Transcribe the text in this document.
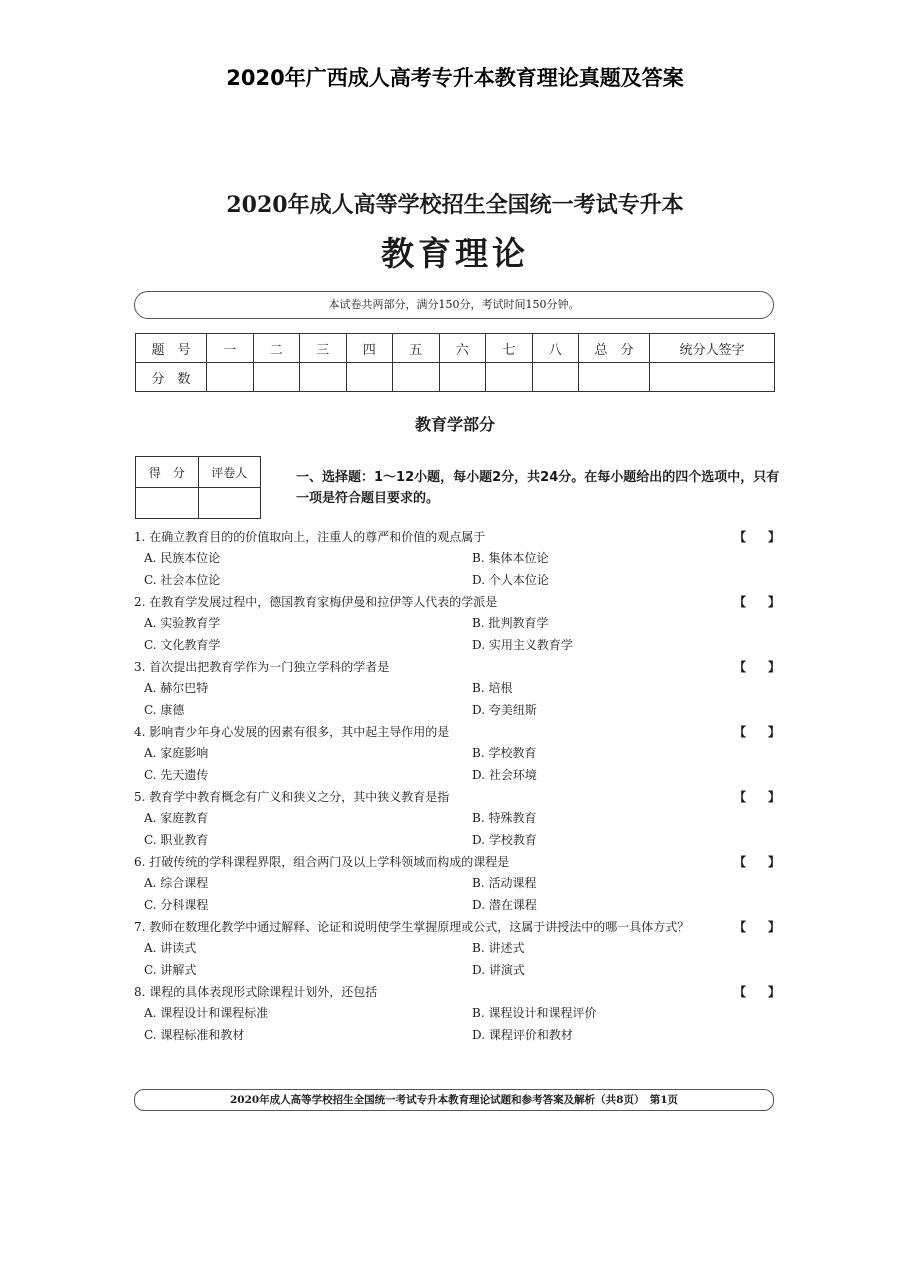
2020年广西成人高考专升本教育理论真题及答案
2020年成人高等学校招生全国统一考试专升本
教育理论
本试卷共两部分，满分150分，考试时间150分钟。
题　号	一	二	三	四	五	六	七	八	总　分	统分人签字
分　数										
教育学部分
得　分	评卷人
		一、选择题：1～12小题，每小题2分，共24分。在每小题给出的四个选项中，只有一项是符合题目要求的。
1. 在确立教育目的的价值取向上，注重人的尊严和价值的观点属于	【 】
A. 民族本位论	B. 集体本位论
C. 社会本位论	D. 个人本位论
2. 在教育学发展过程中，德国教育家梅伊曼和拉伊等人代表的学派是	【 】
A. 实验教育学	B. 批判教育学
C. 文化教育学	D. 实用主义教育学
3. 首次提出把教育学作为一门独立学科的学者是	【 】
A. 赫尔巴特	B. 培根
C. 康德	D. 夸美纽斯
4. 影响青少年身心发展的因素有很多，其中起主导作用的是	【 】
A. 家庭影响	B. 学校教育
C. 先天遗传	D. 社会环境
5. 教育学中教育概念有广义和狭义之分，其中狭义教育是指	【 】
A. 家庭教育	B. 特殊教育
C. 职业教育	D. 学校教育
6. 打破传统的学科课程界限，组合两门及以上学科领域而构成的课程是	【 】
A. 综合课程	B. 活动课程
C. 分科课程	D. 潜在课程
7. 教师在数理化教学中通过解释、论证和说明使学生掌握原理或公式，这属于讲授法中的哪一具体方式？	【 】
A. 讲读式	B. 讲述式
C. 讲解式	D. 讲演式
8. 课程的具体表现形式除课程计划外，还包括	【 】
A. 课程设计和课程标准	B. 课程设计和课程评价
C. 课程标准和教材	D. 课程评价和教材
2020年成人高等学校招生全国统一考试专升本教育理论试题和参考答案及解析（共8页）　第1页
